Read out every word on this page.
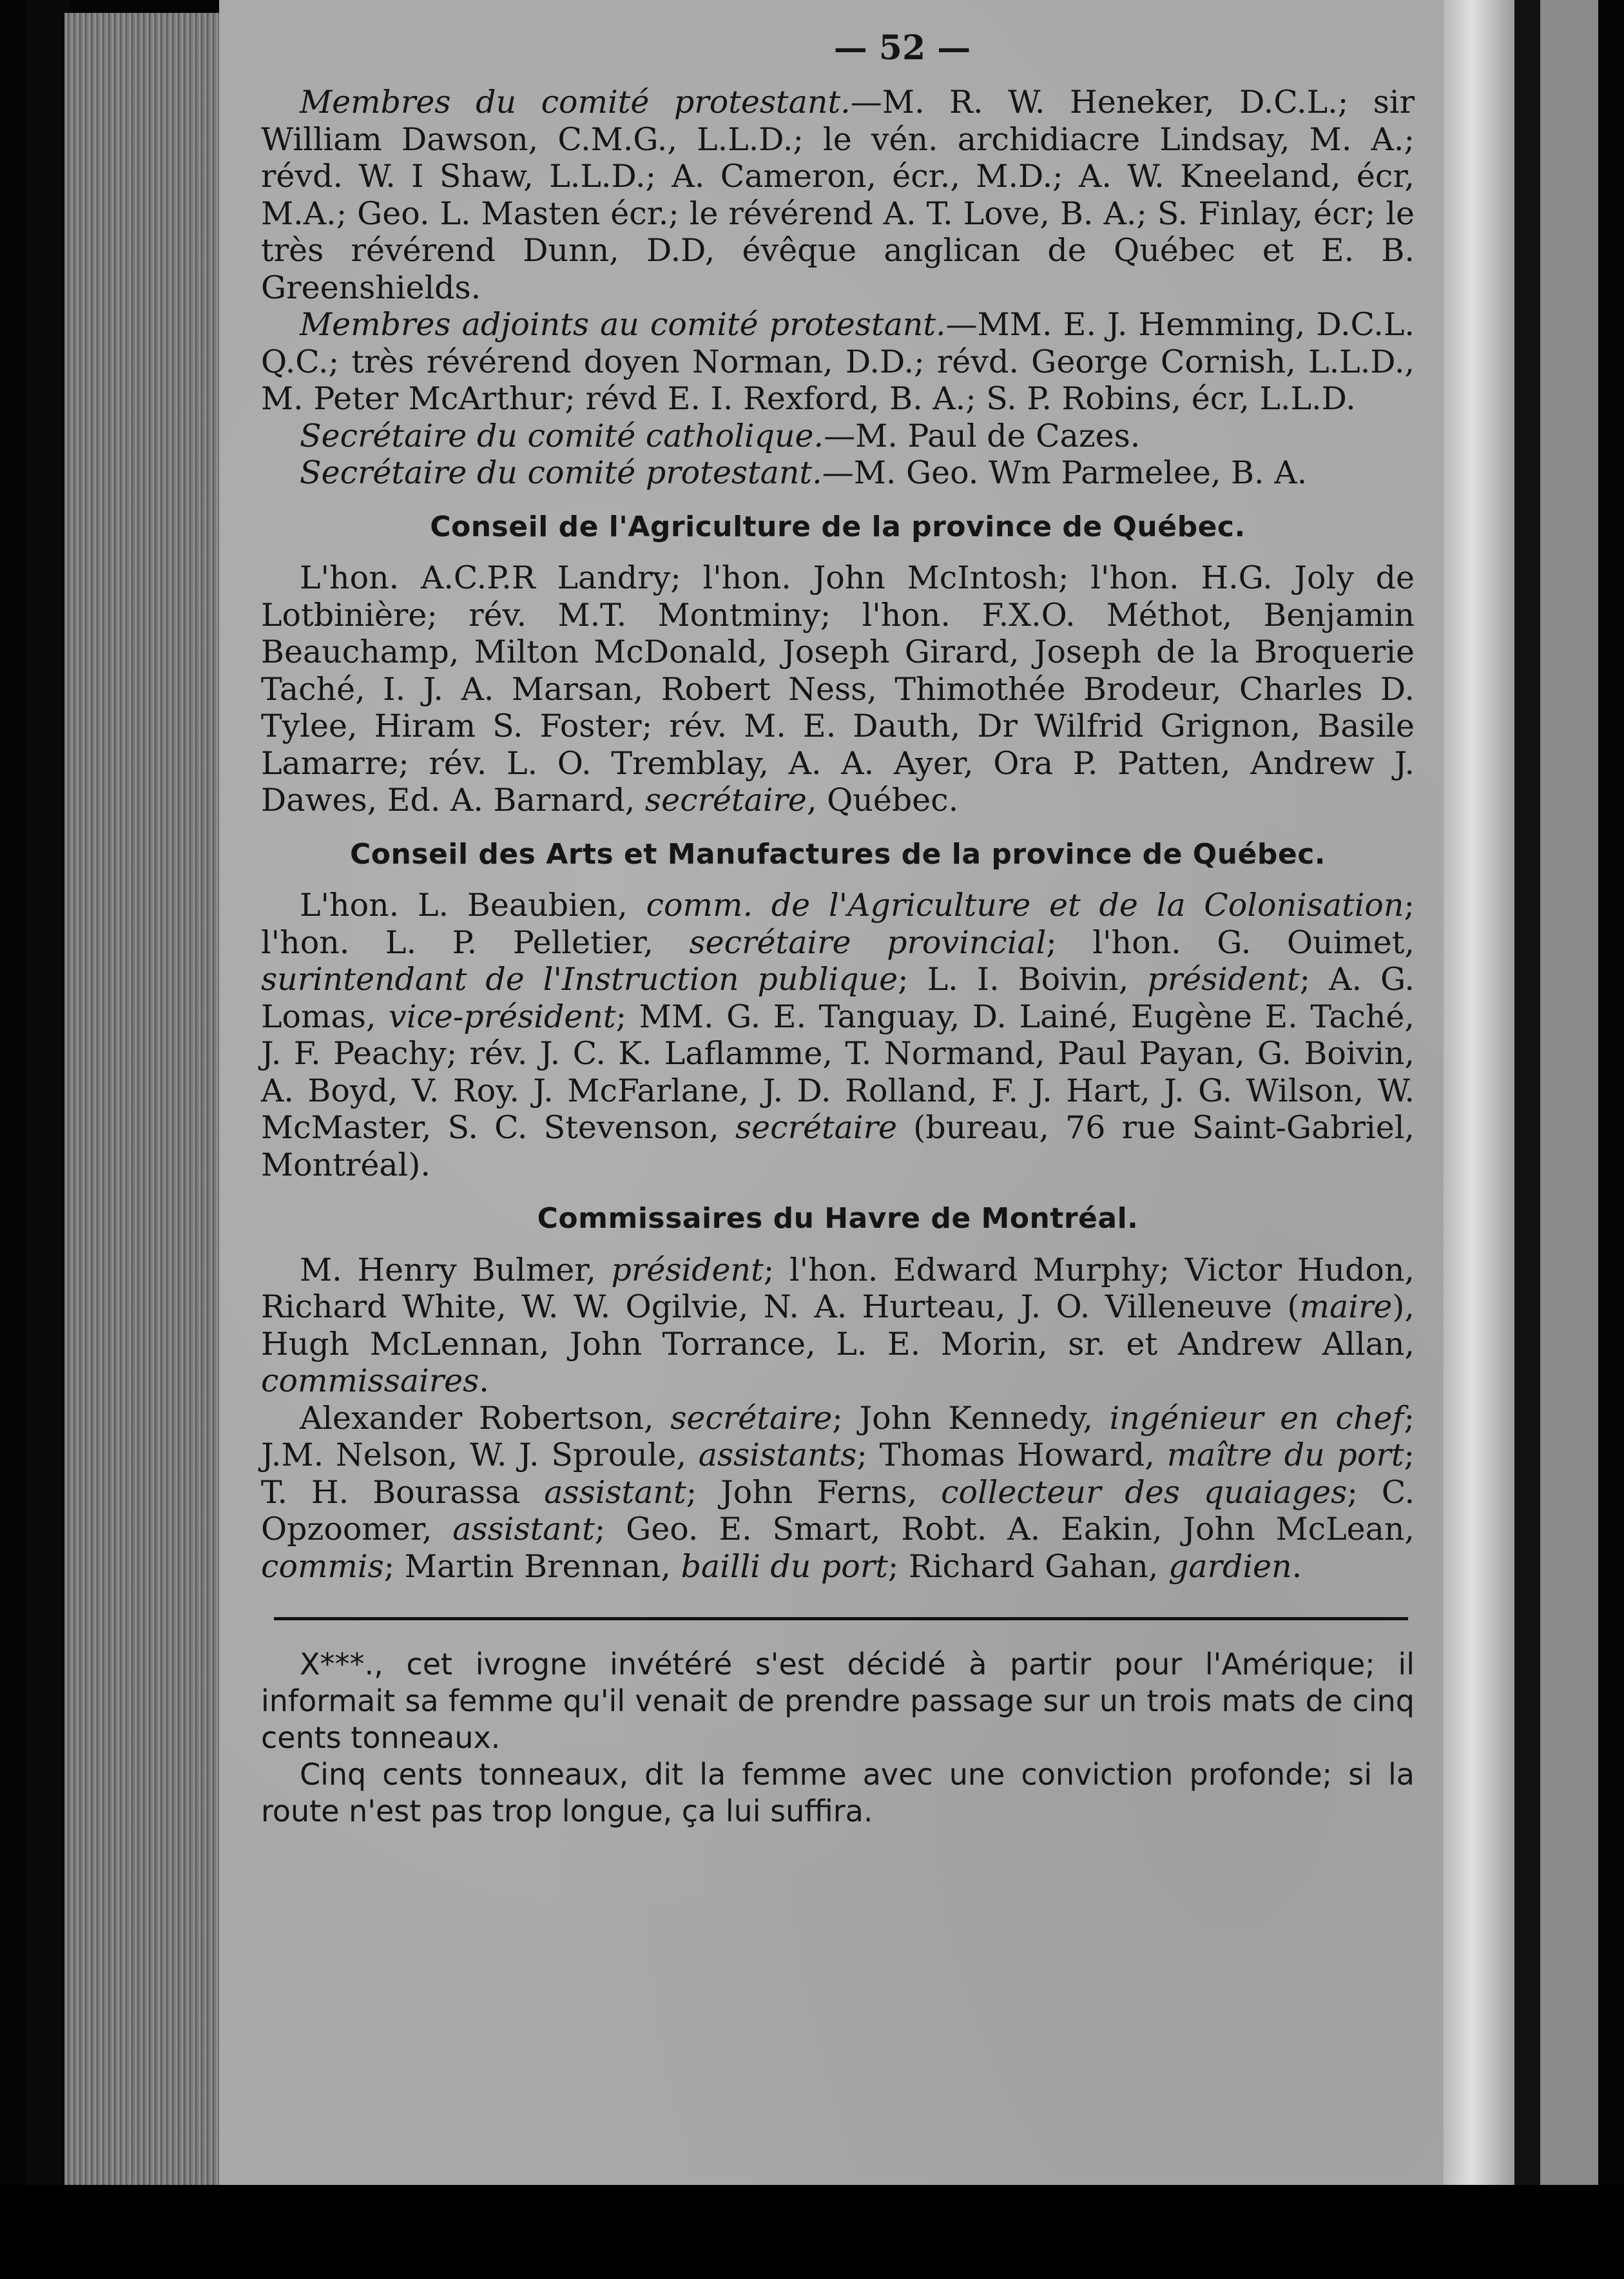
— 52 —

Membres du comité protestant.—M. R. W. Heneker, D.C.L.; sir William Dawson, C.M.G., L.L.D.; le vén. archidiacre Lindsay, M. A.; révd. W. I Shaw, L.L.D.; A. Cameron, écr., M.D.; A. W. Kneeland, écr, M.A.; Geo. L. Masten écr.; le révérend A. T. Love, B. A.; S. Finlay, écr; le très révérend Dunn, D.D, évêque anglican de Québec et E. B. Greenshields.

Membres adjoints au comité protestant.—MM. E. J. Hemming, D.C.L. Q.C.; très révérend doyen Norman, D.D.; révd. George Cornish, L.L.D., M. Peter McArthur; révd E. I. Rexford, B. A.; S. P. Robins, écr, L.L.D.

Secrétaire du comité catholique.—M. Paul de Cazes.

Secrétaire du comité protestant.—M. Geo. Wm Parmelee, B. A.

Conseil de l'Agriculture de la province de Québec.

L'hon. A.C.P.R Landry; l'hon. John McIntosh; l'hon. H.G. Joly de Lotbinière; rév. M.T. Montminy; l'hon. F.X.O. Méthot, Benjamin Beauchamp, Milton McDonald, Joseph Girard, Joseph de la Broquerie Taché, I. J. A. Marsan, Robert Ness, Thimothée Brodeur, Charles D. Tylee, Hiram S. Foster; rév. M. E. Dauth, Dr Wilfrid Grignon, Basile Lamarre; rév. L. O. Tremblay, A. A. Ayer, Ora P. Patten, Andrew J. Dawes, Ed. A. Barnard, secrétaire, Québec.

Conseil des Arts et Manufactures de la province de Québec.

L'hon. L. Beaubien, comm. de l'Agriculture et de la Colonisation; l'hon. L. P. Pelletier, secrétaire provincial; l'hon. G. Ouimet, surintendant de l'Instruction publique; L. I. Boivin, président; A. G. Lomas, vice-président; MM. G. E. Tanguay, D. Lainé, Eugène E. Taché, J. F. Peachy; rév. J. C. K. Laflamme, T. Normand, Paul Payan, G. Boivin, A. Boyd, V. Roy. J. McFarlane, J. D. Rolland, F. J. Hart, J. G. Wilson, W. McMaster, S. C. Stevenson, secrétaire (bureau, 76 rue Saint-Gabriel, Montréal).

Commissaires du Havre de Montréal.

M. Henry Bulmer, président; l'hon. Edward Murphy; Victor Hudon, Richard White, W. W. Ogilvie, N. A. Hurteau, J. O. Villeneuve (maire), Hugh McLennan, John Torrance, L. E. Morin, sr. et Andrew Allan, commissaires.

Alexander Robertson, secrétaire; John Kennedy, ingénieur en chef; J.M. Nelson, W. J. Sproule, assistants; Thomas Howard, maître du port; T. H. Bourassa assistant; John Ferns, collecteur des quaiages; C. Opzoomer, assistant; Geo. E. Smart, Robt. A. Eakin, John McLean, commis; Martin Brennan, bailli du port; Richard Gahan, gardien.

X***., cet ivrogne invétéré s'est décidé à partir pour l'Amérique; il informait sa femme qu'il venait de prendre passage sur un trois mats de cinq cents tonneaux.

Cinq cents tonneaux, dit la femme avec une conviction profonde; si la route n'est pas trop longue, ça lui suffira.
